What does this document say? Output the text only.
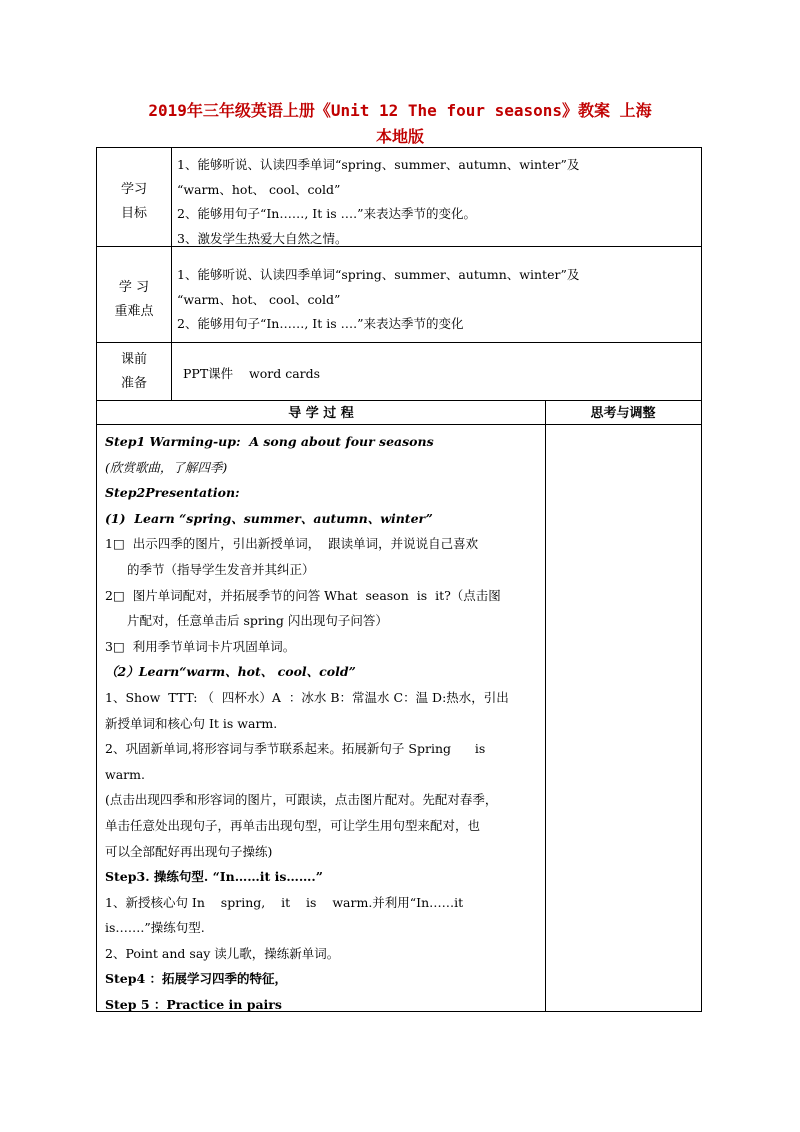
2019年三年级英语上册《Unit 12 The four seasons》教案 上海
本地版
学习
目标
1、能够听说、认读四季单词“spring、summer、autumn、winter”及
“warm、hot、 cool、cold”
2、能够用句子“In……, It is ….”来表达季节的变化。
3、激发学生热爱大自然之情。
学 习
重难点
1、能够听说、认读四季单词“spring、summer、autumn、winter”及
“warm、hot、 cool、cold”
2、能够用句子“In……, It is ….”来表达季节的变化
课前
准备
PPT课件    word cards
导 学 过 程	思考与调整
Step1 Warming-up:  A song about four seasons
(欣赏歌曲，了解四季)
Step2Presentation:
(1)  Learn “spring、summer、autumn、winter”
1□  出示四季的图片，引出新授单词，  跟读单词，并说说自己喜欢
的季节（指导学生发音并其纠正）
2□  图片单词配对，并拓展季节的问答 What  season  is  it?（点击图
片配对，任意单击后 spring 闪出现句子问答）
3□  利用季节单词卡片巩固单词。
（2）Learn“warm、hot、 cool、cold”
1、Show  TTT: （  四杯水）A  ：冰水 B：常温水 C：温 D:热水，引出
新授单词和核心句 It is warm.
2、巩固新单词,将形容词与季节联系起来。拓展新句子 Spring      is
warm.
(点击出现四季和形容词的图片，可跟读，点击图片配对。先配对春季，
单击任意处出现句子，再单击出现句型，可让学生用句型来配对，也
可以全部配好再出现句子操练)
Step3. 操练句型. “In……it is…….”
1、新授核心句 In    spring,    it    is    warm.并利用“In……it
is…….”操练句型.
2、Point and say 读儿歌，操练新单词。
Step4 ：拓展学习四季的特征，
Step 5 ：Practice in pairs
